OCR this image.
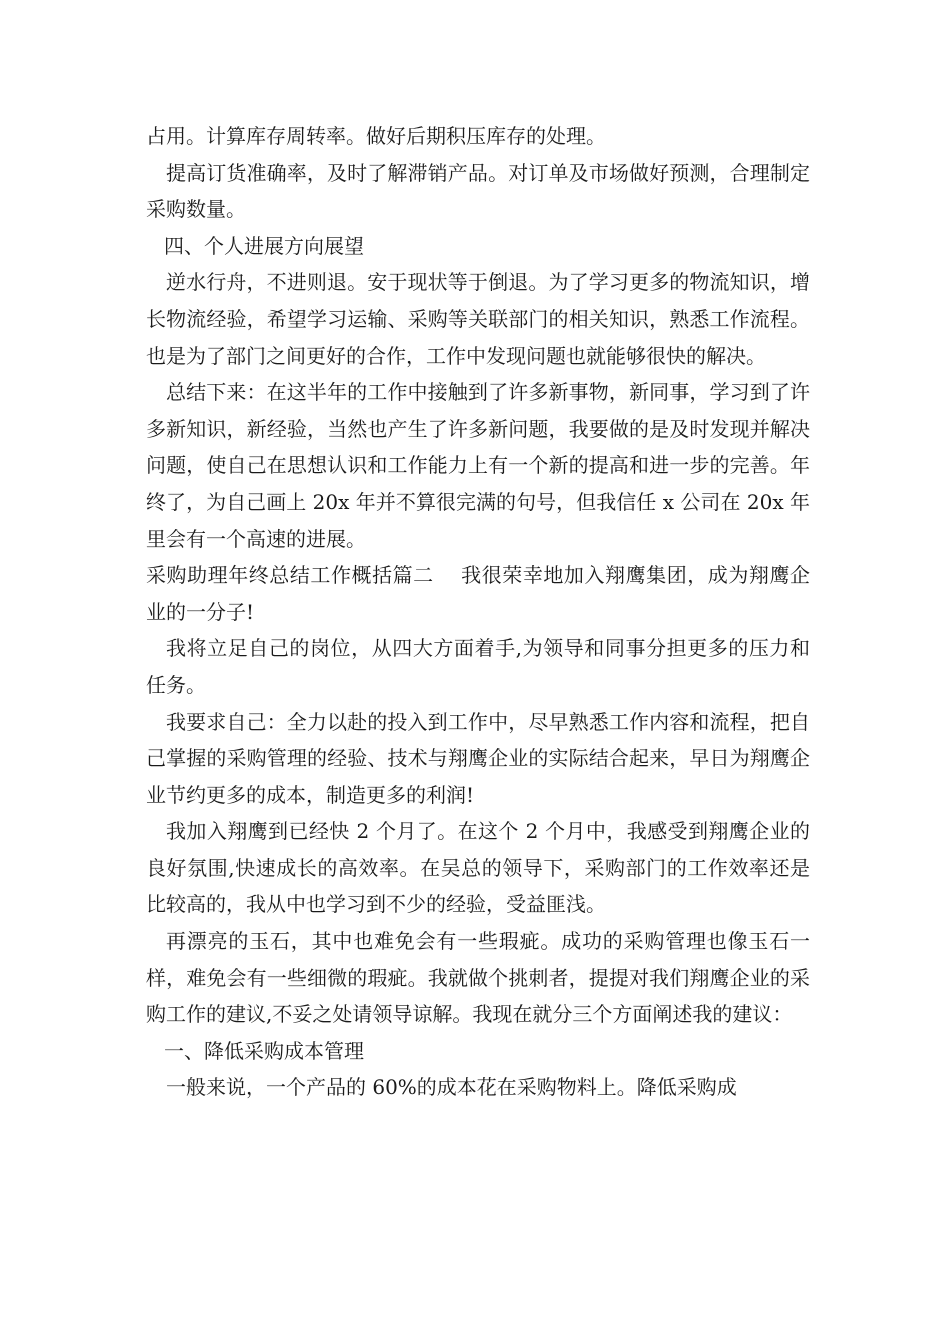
占用。计算库存周转率。做好后期积压库存的处理。

提高订货准确率，及时了解滞销产品。对订单及市场做好预测，合理制定采购数量。

四、个人进展方向展望

逆水行舟，不进则退。安于现状等于倒退。为了学习更多的物流知识，增长物流经验，希望学习运输、采购等关联部门的相关知识，熟悉工作流程。也是为了部门之间更好的合作，工作中发现问题也就能够很快的解决。

总结下来：在这半年的工作中接触到了许多新事物，新同事，学习到了许多新知识，新经验，当然也产生了许多新问题，我要做的是及时发现并解决问题，使自己在思想认识和工作能力上有一个新的提高和进一步的完善。年终了，为自己画上 20x 年并不算很完满的句号，但我信任 x 公司在 20x 年里会有一个高速的进展。

采购助理年终总结工作概括篇二　 我很荣幸地加入翔鹰集团，成为翔鹰企业的一分子!

我将立足自己的岗位，从四大方面着手,为领导和同事分担更多的压力和任务。

我要求自己：全力以赴的投入到工作中，尽早熟悉工作内容和流程，把自己掌握的采购管理的经验、技术与翔鹰企业的实际结合起来，早日为翔鹰企业节约更多的成本，制造更多的利润!

我加入翔鹰到已经快 2 个月了。在这个 2 个月中，我感受到翔鹰企业的良好氛围,快速成长的高效率。在吴总的领导下，采购部门的工作效率还是比较高的，我从中也学习到不少的经验，受益匪浅。

再漂亮的玉石，其中也难免会有一些瑕疵。成功的采购管理也像玉石一样，难免会有一些细微的瑕疵。我就做个挑刺者，提提对我们翔鹰企业的采购工作的建议,不妥之处请领导谅解。我现在就分三个方面阐述我的建议：

一、降低采购成本管理

一般来说，一个产品的 60%的成本花在采购物料上。降低采购成
